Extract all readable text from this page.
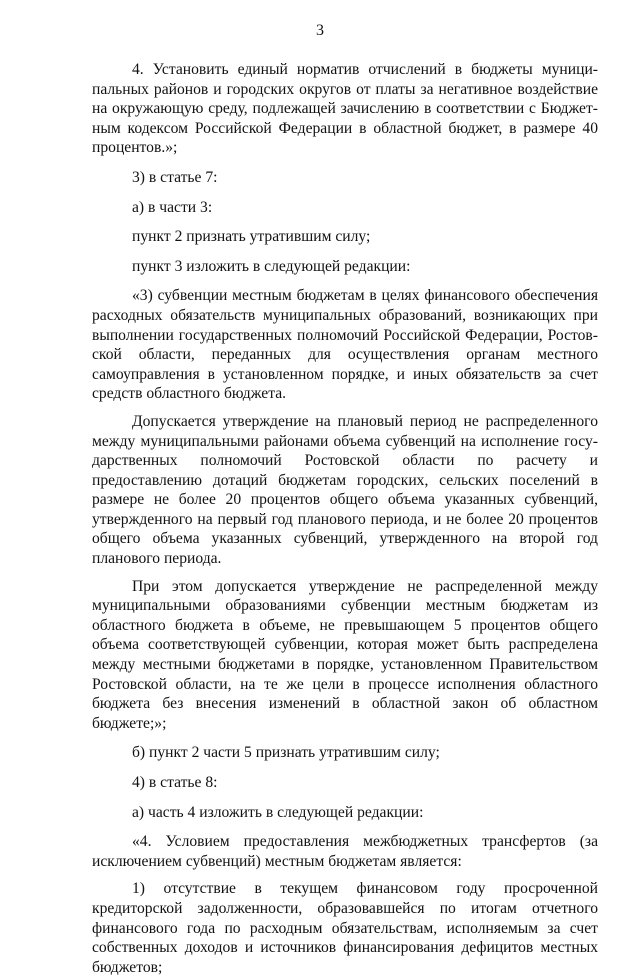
3

4. Установить единый норматив отчислений в бюджеты муниципальных районов и городских округов от платы за негативное воздействие на окружающую среду, подлежащей зачислению в соответствии с Бюджетным кодексом Российской Федерации в областной бюджет, в размере 40 процентов.»;

3) в статье 7:

а) в части 3:

пункт 2 признать утратившим силу;

пункт 3 изложить в следующей редакции:

«3) субвенции местным бюджетам в целях финансового обеспечения расходных обязательств муниципальных образований, возникающих при выполнении государственных полномочий Российской Федерации, Ростовской области, переданных для осуществления органам местного самоуправления в установленном порядке, и иных обязательств за счет средств областного бюджета.

Допускается утверждение на плановый период не распределенного между муниципальными районами объема субвенций на исполнение государственных полномочий Ростовской области по расчету и предоставлению дотаций бюджетам городских, сельских поселений в размере не более 20 процентов общего объема указанных субвенций, утвержденного на первый год планового периода, и не более 20 процентов общего объема указанных субвенций, утвержденного на второй год планового периода.

При этом допускается утверждение не распределенной между муниципальными образованиями субвенции местным бюджетам из областного бюджета в объеме, не превышающем 5 процентов общего объема соответствующей субвенции, которая может быть распределена между местными бюджетами в порядке, установленном Правительством Ростовской области, на те же цели в процессе исполнения областного бюджета без внесения изменений в областной закон об областном бюджете;»;

б) пункт 2 части 5 признать утратившим силу;

4) в статье 8:

а) часть 4 изложить в следующей редакции:

«4. Условием предоставления межбюджетных трансфертов (за исключением субвенций) местным бюджетам является:

1) отсутствие в текущем финансовом году просроченной кредиторской задолженности, образовавшейся по итогам отчетного финансового года по расходным обязательствам, исполняемым за счет собственных доходов и источников финансирования дефицитов местных бюджетов;
